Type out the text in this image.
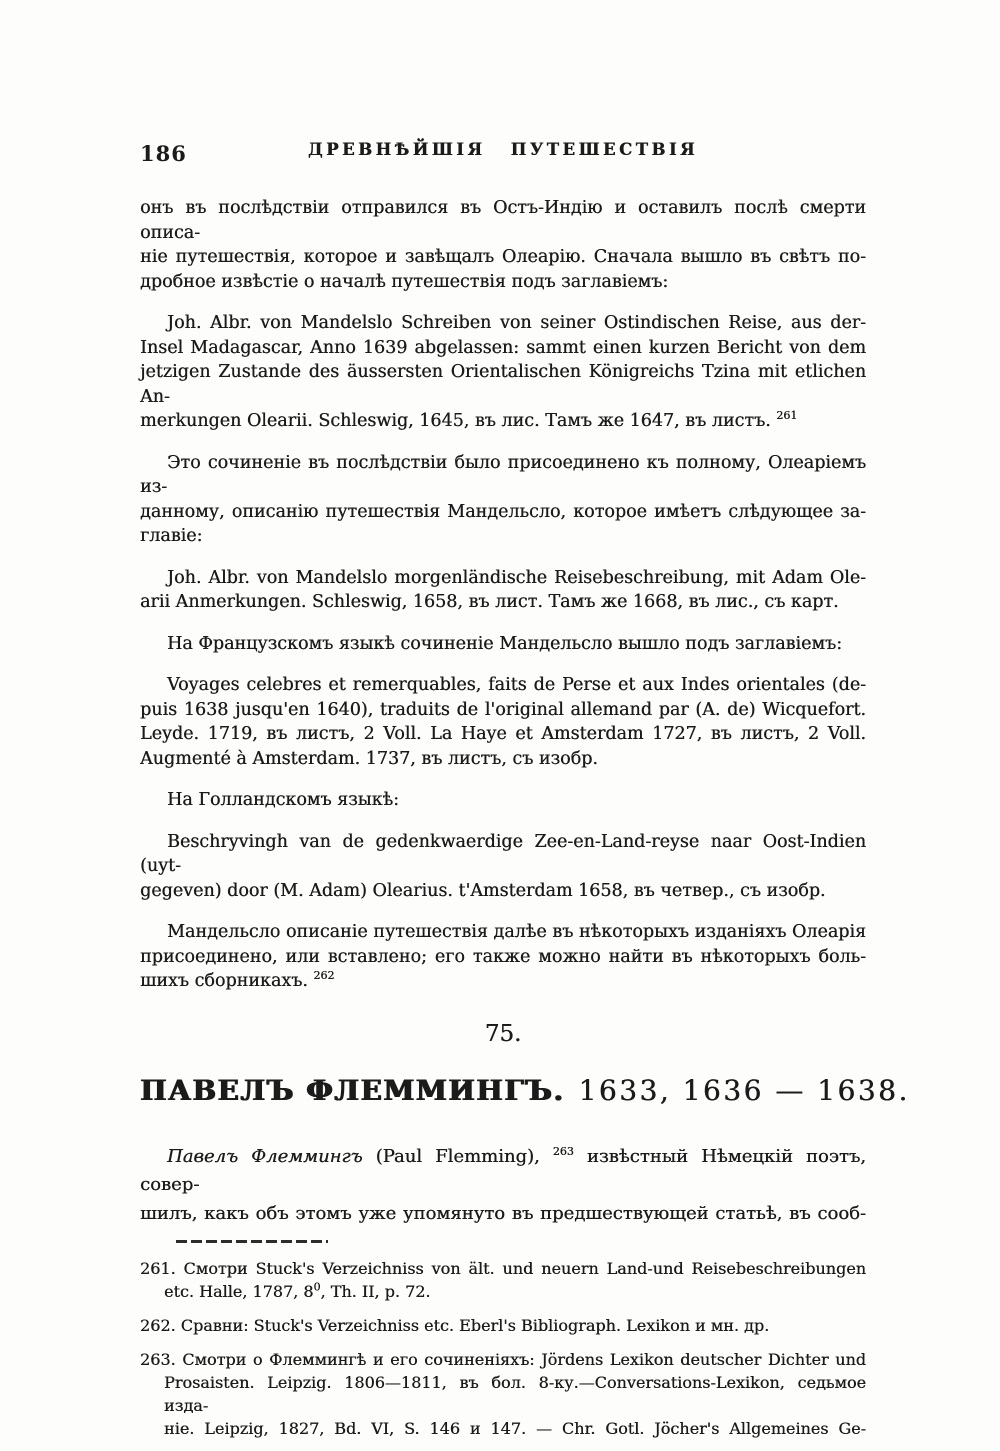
186	ДРЕВНѢЙШІЯ ПУТЕШЕСТВІЯ
онъ въ послѣдствіи отправился въ Остъ-Индію и оставилъ послѣ смерти описа-
ніе путешествія, которое и завѣщалъ Олеарію. Сначала вышло въ свѣтъ по-
дробное извѣстіе о началѣ путешествія подъ заглавіемъ:
Joh. Albr. von Mandelslo Schreiben von seiner Ostindischen Reise, aus der-
Insel Madagascar, Anno 1639 abgelassen: sammt einen kurzen Bericht von dem
jetzigen Zustande des äussersten Orientalischen Königreichs Tzina mit etlichen An-
merkungen Olearii. Schleswig, 1645, въ лис. Тамъ же 1647, въ листъ. $^{261}$
Это сочиненіе въ послѣдствіи было присоединено къ полному, Олеаріемъ из-
данному, описанію путешествія Мандельсло, которое имѣетъ слѣдующее за-
главіе:
Joh. Albr. von Mandelslo morgenländische Reisebeschreibung, mit Adam Ole-
arii Anmerkungen. Schleswig, 1658, въ лист. Тамъ же 1668, въ лис., съ карт.
На Французскомъ языкѣ сочиненіе Мандельсло вышло подъ заглавіемъ:
Voyages celebres et remerquables, faits de Perse et aux Indes orientales (de-
puis 1638 jusqu'en 1640), traduits de l'original allemand par (A. de) Wicquefort.
Leyde. 1719, въ листъ, 2 Voll. La Haye et Amsterdam 1727, въ листъ, 2 Voll.
Augmenté à Amsterdam. 1737, въ листъ, съ изобр.
На Голландскомъ языкѣ:
Beschryvingh van de gedenkwaerdige Zee-en-Land-reyse naar Oost-Indien (uyt-
gegeven) door (M. Adam) Olearius. t'Amsterdam 1658, въ четвер., съ изобр.
Мандельсло описаніе путешествія далѣе въ нѣкоторыхъ изданіяхъ Олеарія
присоединено, или вставлено; его также можно найти въ нѣкоторыхъ боль-
шихъ сборникахъ. $^{262}$
75.
ПАВЕЛЪ ФЛЕММИНГЪ. 1633, 1636 — 1638.
Павелъ Флеммингъ (Paul Flemming), $^{263}$ извѣстный Нѣмецкій поэтъ, совер-
шилъ, какъ объ этомъ уже упомянуто въ предшествующей статьѣ, въ сооб-
261. Смотри Stuck's Verzeichniss von ält. und neuern Land-und Reisebeschreibungen
etc. Halle, 1787, $8^0$, Th. II, p. 72.
262. Сравни: Stuck's Verzeichniss etc. Eberl's Bibliograph. Lexikon и мн. др.
263. Смотри о Флеммингѣ и его сочиненіяхъ: Jördens Lexikon deutscher Dichter und
Prosaisten. Leipzig. 1806—1811, въ бол. 8-ку.—Conversations-Lexikon, седьмое изда-
ніе. Leipzig, 1827, Bd. VI, S. 146 и 147. — Chr. Gotl. Jöcher's Allgemeines Ge-
